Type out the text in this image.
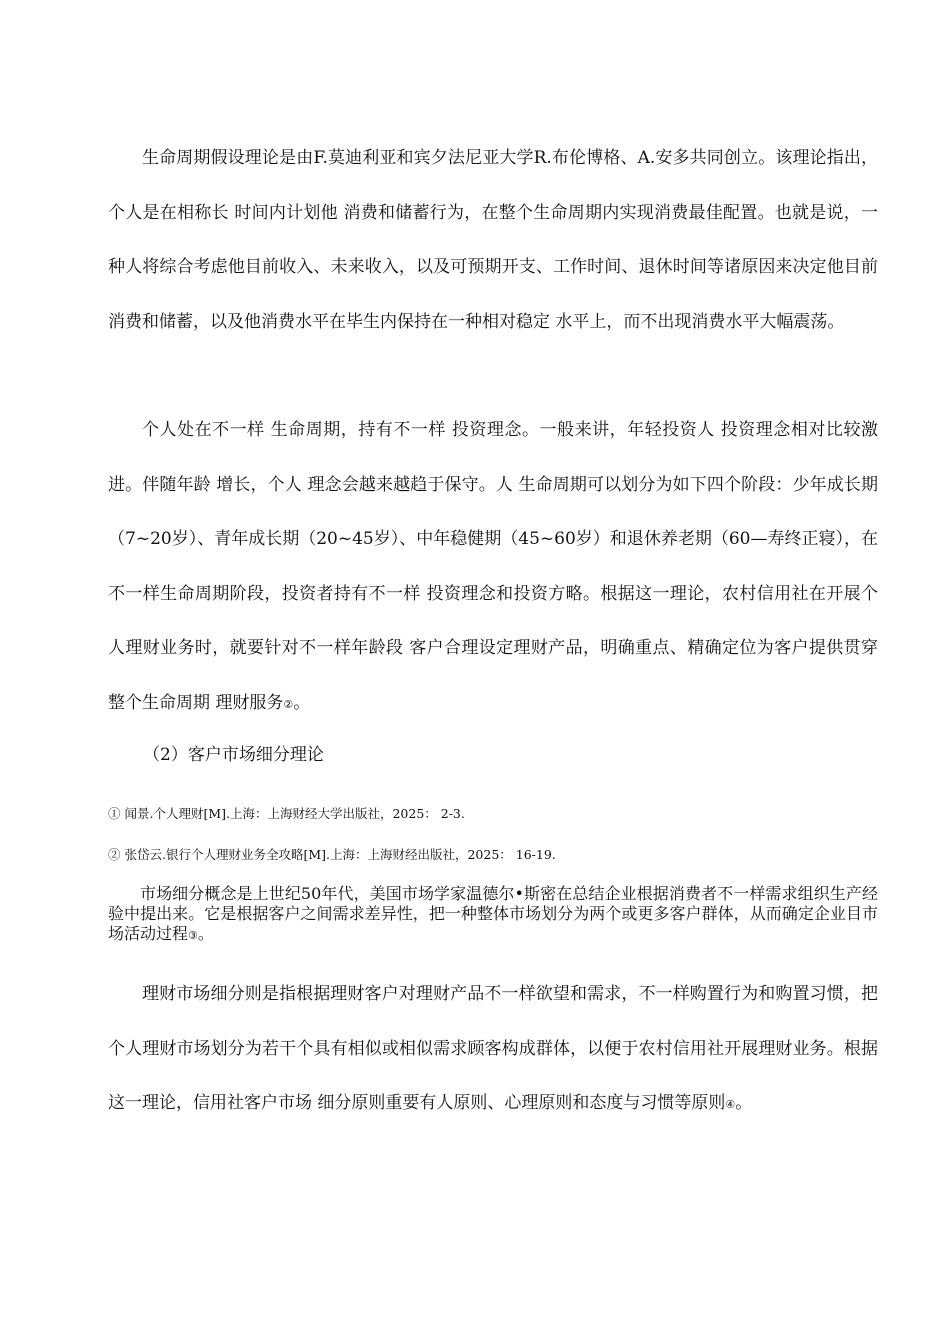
生命周期假设理论是由F.莫迪利亚和宾夕法尼亚大学R.布伦博格、A.安多共同创立。该理论指出，个人是在相称长 时间内计划他 消费和储蓄行为，在整个生命周期内实现消费最佳配置。也就是说，一种人将综合考虑他目前收入、未来收入，以及可预期开支、工作时间、退休时间等诸原因来决定他目前消费和储蓄，以及他消费水平在毕生内保持在一种相对稳定 水平上，而不出现消费水平大幅震荡。

个人处在不一样 生命周期，持有不一样 投资理念。一般来讲，年轻投资人 投资理念相对比较激进。伴随年龄 增长，个人 理念会越来越趋于保守。人 生命周期可以划分为如下四个阶段：少年成长期（7~20岁）、青年成长期（20~45岁）、中年稳健期（45~60岁）和退休养老期（60—寿终正寝），在不一样生命周期阶段，投资者持有不一样 投资理念和投资方略。根据这一理论，农村信用社在开展个人理财业务时，就要针对不一样年龄段 客户合理设定理财产品，明确重点、精确定位为客户提供贯穿整个生命周期 理财服务②。

（2）客户市场细分理论

① 闻景.个人理财[M].上海：上海财经大学出版社，2025： 2-3.

② 张岱云.银行个人理财业务全攻略[M].上海：上海财经出版社，2025： 16-19.

市场细分概念是上世纪50年代，美国市场学家温德尔•斯密在总结企业根据消费者不一样需求组织生产经验中提出来。它是根据客户之间需求差异性，把一种整体市场划分为两个或更多客户群体，从而确定企业目市场活动过程③。

理财市场细分则是指根据理财客户对理财产品不一样欲望和需求，不一样购置行为和购置习惯，把个人理财市场划分为若干个具有相似或相似需求顾客构成群体，以便于农村信用社开展理财业务。根据这一理论，信用社客户市场 细分原则重要有人原则、心理原则和态度与习惯等原则④。
